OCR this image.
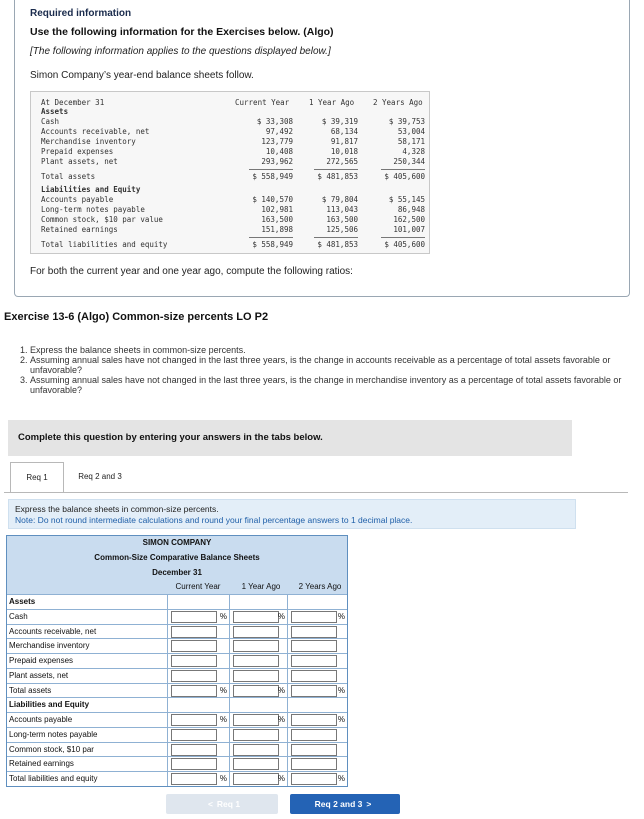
Required information
Use the following information for the Exercises below. (Algo)
[The following information applies to the questions displayed below.]
Simon Company’s year-end balance sheets follow.
At December 31	Current Year	1 Year Ago	2 Years Ago
Assets
Cash	$ 33,308	$ 39,319	$ 39,753
Accounts receivable, net	97,492	68,134	53,004
Merchandise inventory	123,779	91,817	58,171
Prepaid expenses	10,408	10,018	4,328
Plant assets, net	293,962	272,565	250,344
Total assets	$ 558,949	$ 481,853	$ 405,600
Liabilities and Equity
Accounts payable	$ 140,570	$ 79,804	$ 55,145
Long-term notes payable	102,981	113,043	86,948
Common stock, $10 par value	163,500	163,500	162,500
Retained earnings	151,898	125,506	101,007
Total liabilities and equity	$ 558,949	$ 481,853	$ 405,600
For both the current year and one year ago, compute the following ratios:
Exercise 13-6 (Algo) Common-size percents LO P2
1. Express the balance sheets in common-size percents.
2. Assuming annual sales have not changed in the last three years, is the change in accounts receivable as a percentage of total assets favorable or unfavorable?
3. Assuming annual sales have not changed in the last three years, is the change in merchandise inventory as a percentage of total assets favorable or unfavorable?
Complete this question by entering your answers in the tabs below.
Req 1	Req 2 and 3
Express the balance sheets in common-size percents.
Note: Do not round intermediate calculations and round your final percentage answers to 1 decimal place.
SIMON COMPANY
Common-Size Comparative Balance Sheets
December 31
Current Year	1 Year Ago	2 Years Ago
Assets
Cash	%	%	%
Accounts receivable, net
Merchandise inventory
Prepaid expenses
Plant assets, net
Total assets	%	%	%
Liabilities and Equity
Accounts payable	%	%	%
Long-term notes payable
Common stock, $10 par
Retained earnings
Total liabilities and equity	%	%	%
< Req 1	Req 2 and 3 >
